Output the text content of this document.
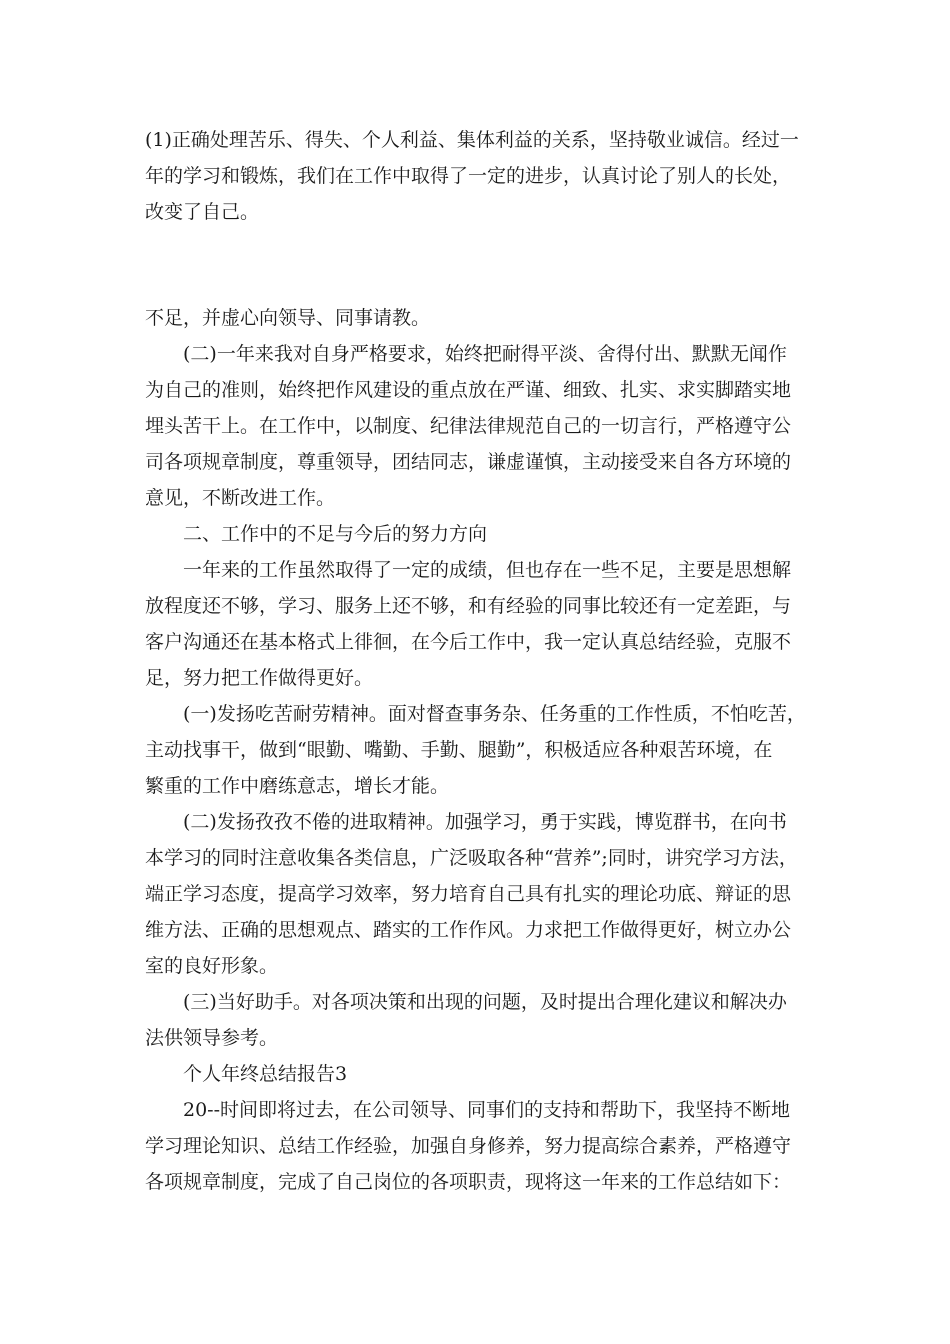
(1)正确处理苦乐、得失、个人利益、集体利益的关系，坚持敬业诚信。经过一
年的学习和锻炼，我们在工作中取得了一定的进步，认真讨论了别人的长处，
改变了自己。
不足，并虚心向领导、同事请教。
(二)一年来我对自身严格要求，始终把耐得平淡、舍得付出、默默无闻作
为自己的准则，始终把作风建设的重点放在严谨、细致、扎实、求实脚踏实地
埋头苦干上。在工作中，以制度、纪律法律规范自己的一切言行，严格遵守公
司各项规章制度，尊重领导，团结同志，谦虚谨慎，主动接受来自各方环境的
意见，不断改进工作。
二、工作中的不足与今后的努力方向
一年来的工作虽然取得了一定的成绩，但也存在一些不足，主要是思想解
放程度还不够，学习、服务上还不够，和有经验的同事比较还有一定差距，与
客户沟通还在基本格式上徘徊，在今后工作中，我一定认真总结经验，克服不
足，努力把工作做得更好。
(一)发扬吃苦耐劳精神。面对督查事务杂、任务重的工作性质，不怕吃苦，
主动找事干，做到“眼勤、嘴勤、手勤、腿勤”，积极适应各种艰苦环境，在
繁重的工作中磨练意志，增长才能。
(二)发扬孜孜不倦的进取精神。加强学习，勇于实践，博览群书，在向书
本学习的同时注意收集各类信息，广泛吸取各种“营养”;同时，讲究学习方法，
端正学习态度，提高学习效率，努力培育自己具有扎实的理论功底、辩证的思
维方法、正确的思想观点、踏实的工作作风。力求把工作做得更好，树立办公
室的良好形象。
(三)当好助手。对各项决策和出现的问题，及时提出合理化建议和解决办
法供领导参考。
个人年终总结报告3
20--时间即将过去，在公司领导、同事们的支持和帮助下，我坚持不断地
学习理论知识、总结工作经验，加强自身修养，努力提高综合素养，严格遵守
各项规章制度，完成了自己岗位的各项职责，现将这一年来的工作总结如下：
